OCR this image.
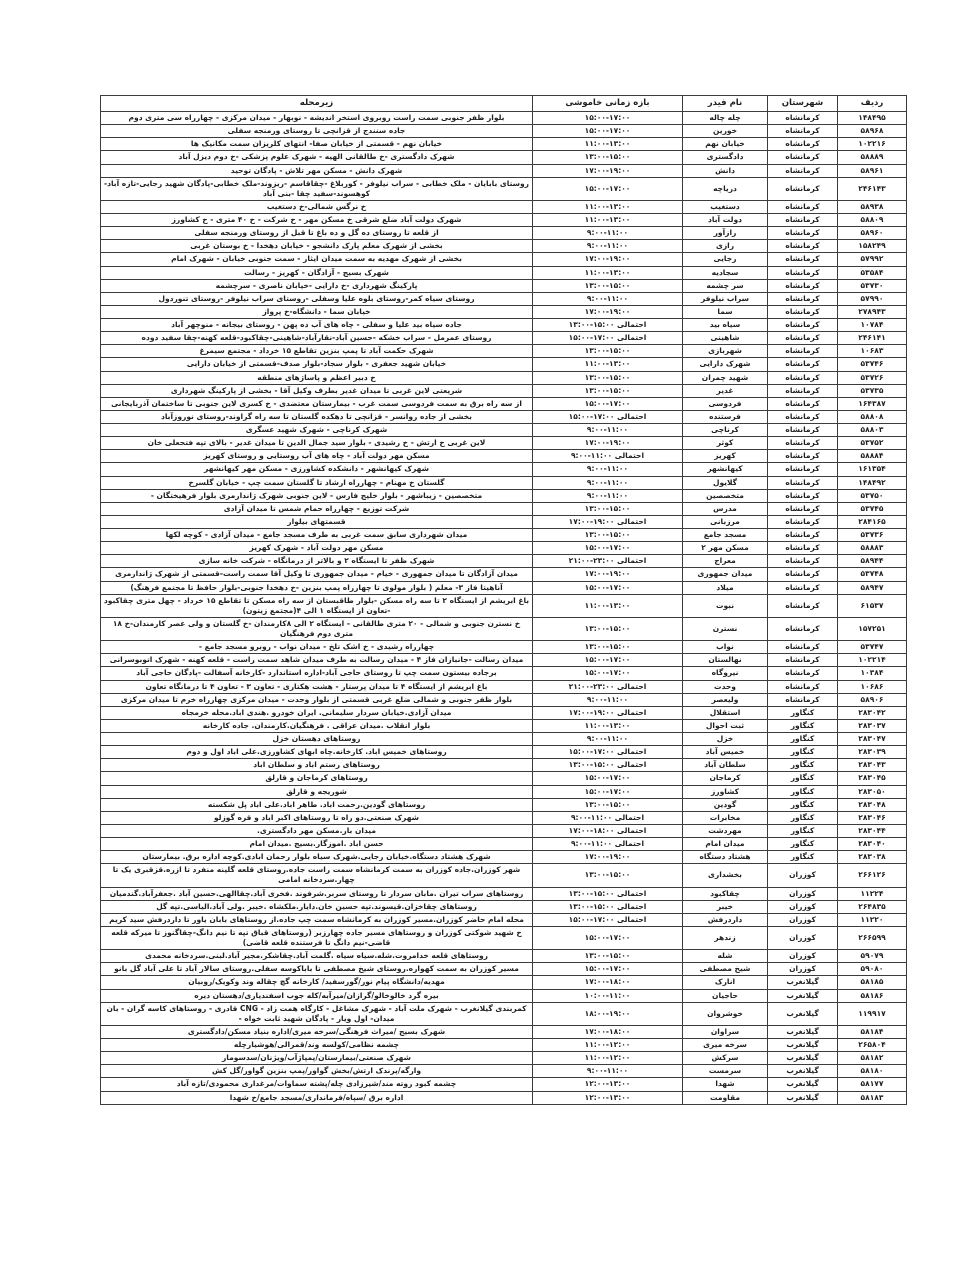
ردیف	شهرستان	نام فیدر	بازه زمانی خاموشی	زیرمحله
۱۴۸۴۹۵	کرمانشاه	چله چاله	۱۵:۰۰-۱۷:۰۰	بلوار ظفر جنوبی سمت راست روبروی استخر اندیشه - نوبهار - میدان مرکزی - چهارراه سی متری دوم
۵۸۹۶۸	کرمانشاه	خورین	۱۵:۰۰-۱۷:۰۰	جاده سنندج از قزانچی تا روستای ورمنجه سفلی
۱۰۲۲۱۶	کرمانشاه	خیابان نهم	۱۱:۰۰-۱۳:۰۰	خیابان نهم - قسمتی از خیابان صفا- انتهای کلریزان سمت مکانیک ها
۵۸۸۸۹	کرمانشاه	دادگستری	۱۳:۰۰-۱۵:۰۰	شهرک دادگستری -خ طالقانی الهیه - شهرک علوم پزشکی -خ دوم دیزل آباد
۵۸۹۶۱	کرمانشاه	دانش	۱۷:۰۰-۱۹:۰۰	شهرک دانش - مسکن مهر تلاش - پادگان توحید
۲۴۶۱۴۳	کرمانشاه	دریاچه	۱۵:۰۰-۱۷:۰۰	روستای بابایان - ملک خطابی - سراب نیلوفر - کوربلاغ -چقاقاسم -ریزوند-ملک خطابی-پادگان شهید رجایی-تازه آباد-کوهسوند-سفید چقا -بنی آباد
۵۸۹۳۸	کرمانشاه	دستغیب	۱۱:۰۰-۱۳:۰۰	خ نرگس شمالی-خ دستغیب
۵۸۸۰۹	کرمانشاه	دولت آباد	۱۱:۰۰-۱۳:۰۰	شهرک دولت آباد ضلع شرقی خ مسکن مهر - خ شرکت - خ ۴۰ متری - خ کشاورز
۵۸۹۶۰	کرمانشاه	رازآور	۹:۰۰-۱۱:۰۰	از قلعه تا روستای ده گل و ده باغ تا قبل از روستای ورمنجه سفلی
۱۵۸۲۴۹	کرمانشاه	رازی	۹:۰۰-۱۱:۰۰	بخشی از شهرک معلم پارک دانشجو - خیابان دهخدا - خ بوستان غربی
۵۷۹۹۲	کرمانشاه	رجایی	۱۷:۰۰-۱۹:۰۰	بخشی از شهرک مهدیه به سمت میدان ایثار - سمت جنوبی خیابان - شهرک امام
۵۳۵۸۴	کرمانشاه	سجادیه	۱۱:۰۰-۱۳:۰۰	شهرک بسیج - آزادگان - کهریز - رسالت
۵۳۷۳۰	کرمانشاه	سر چشمه	۱۳:۰۰-۱۵:۰۰	پارکینگ شهرداری -خ دارایی -خیابان ناصری - سرچشمه
۵۷۹۹۰	کرمانشاه	سراب نیلوفر	۹:۰۰-۱۱:۰۰	روستای سیاه کمر-روستای بلوه علیا وسفلی -روستای سراب نیلوفر -روستای تنوردول
۲۷۸۹۴۳	کرمانشاه	سما	۱۷:۰۰-۱۹:۰۰	خیابان سما - دانشگاه-خ پرواز
۱۰۷۸۴	کرمانشاه	سیاه بید	۱۳:۰۰-۱۵:۰۰ احتمالی	جاده سیاه بید علیا و سفلی - چاه های آب ده پهن - روستای بیجانه - منوچهر آباد
۲۴۶۱۴۱	کرمانشاه	شاهینی	۱۵:۰۰-۱۷:۰۰ احتمالی	روستای عمرمل - سراب خشکه -حسین آباد-نقارآباد-شاهینی-چقاکبود-قلعه کهنه-چقا سفید دوده
۱۰۶۸۳	کرمانشاه	شهربازی	۱۳:۰۰-۱۵:۰۰	شهرک حکمت آباد تا پمپ بنزین تقاطع ۱۵ خرداد - مجتمع سیمرغ
۵۳۷۴۶	کرمانشاه	شهرک دارایی	۱۱:۰۰-۱۳:۰۰	خیابان شهید جعفری - بلوار سجاد-بلوار صدف-قسمتی از خیابان دارایی
۵۳۷۲۶	کرمانشاه	شهید چمران	۱۳:۰۰-۱۵:۰۰	خ دبیر اعظم و پاساژهای منطقه
۵۳۷۳۵	کرمانشاه	غدیر	۱۳:۰۰-۱۵:۰۰	شریعتی لاین غربی تا میدان غدیر بطرف وکیل آقا - بخشی از پارکینگ شهرداری
۱۶۴۳۸۷	کرمانشاه	فردوسی	۱۵:۰۰-۱۷:۰۰	از سه راه برق به سمت فردوسی سمت غرب - بیمارستان معتضدی - خ کسری لاین جنوبی تا ساختمان آذربایجانی
۵۸۸۰۸	کرمانشاه	فرستنده	۱۵:۰۰-۱۷:۰۰ احتمالی	بخشی از جاده روانسر - قزانچی تا دهکده گلستان تا سه راه گراوند-روستای نوروزآباد
۵۸۸۰۳	کرمانشاه	کرناچی	۹:۰۰-۱۱:۰۰	شهرک کرناچی - شهرک شهید عسگری
۵۳۷۵۲	کرمانشاه	کوثر	۱۷:۰۰-۱۹:۰۰	لاین غربی خ ارتش - خ رشیدی - بلوار سید جمال الدین تا میدان غدیر - بالای تپه فتحعلی خان
۵۸۸۸۴	کرمانشاه	کهریز	۹:۰۰-۱۱:۰۰ احتمالی	مسکن مهر دولت آباد - چاه های آب روستایی و روستای کهریز
۱۶۱۳۵۴	کرمانشاه	کیهانشهر	۹:۰۰-۱۱:۰۰	شهرک کیهانشهر - دانشکده کشاورزی - مسکن مهر کیهانشهر
۱۴۸۴۹۲	کرمانشاه	گلایول	۹:۰۰-۱۱:۰۰	گلستان خ مهنام - چهارراه ارشاد تا گلستان سمت چپ - خیابان گلسرخ
۵۳۷۵۰	کرمانشاه	متخصصین	۹:۰۰-۱۱:۰۰	متخصصین - زیباشهر - بلوار خلیج فارس - لاین جنوبی شهرک ژاندارمری بلوار فرهیختگان -
۵۳۷۴۵	کرمانشاه	مدرس	۱۳:۰۰-۱۵:۰۰	شرکت توزیع - چهارراه حمام شمس تا میدان آزادی
۲۸۴۱۶۵	کرمانشاه	مرزبانی	۱۷:۰۰-۱۹:۰۰ احتمالی	قسمتهای بیلوار
۵۳۷۳۶	کرمانشاه	مسجد جامع	۱۳:۰۰-۱۵:۰۰	میدان شهرداری سابق سمت غربی به طرف مسجد جامع - میدان آزادی - کوچه لکها
۵۸۸۸۳	کرمانشاه	مسکن مهر ۲	۱۵:۰۰-۱۷:۰۰	مسکن مهر دولت آباد - شهرک کهریز
۵۸۹۴۴	کرمانشاه	معراج	۲۱:۰۰-۲۳:۰۰ احتمالی	شهرک ظفر تا ایستگاه ۲ و بالاتر از درمانگاه - شرکت خانه سازی
۵۳۷۴۸	کرمانشاه	میدان جمهوری	۱۷:۰۰-۱۹:۰۰	میدان آزادگان تا میدان جمهوری - خیام - میدان جمهوری تا وکیل آقا سمت راست-قسمتی از شهرک ژاندارمری
۵۸۹۴۷	کرمانشاه	میلاد	۱۵:۰۰-۱۷:۰۰	آناهیتا فاز ۳- معلم ( بلوار مولوی تا چهارراه پمپ بنزین -خ دهخدا جنوبی-بلوار حافظ تا مجتمع فرهنگ)
۶۱۵۳۷	کرمانشاه	نبوت	۱۱:۰۰-۱۳:۰۰	باغ ابریشم از ایستگاه ۲ تا سه راه مسکن -بلوار طاقبستان از سه راه مسکن تا تقاطع ۱۵ خرداد - چهل متری چقاکبود -تعاون از ایستگاه ۱ الی ۴(مجتمع زیتون)
۱۵۷۲۵۱	کرمانشاه	نسترن	۱۳:۰۰-۱۵:۰۰	خ نسترن جنوبی و شمالی - ۲۰ متری طالقانی - ایستگاه ۲ الی ۸کارمندان -خ گلستان و ولی عصر کارمندان-خ ۱۸ متری دوم فرهنگیان
۵۳۷۴۷	کرمانشاه	نواب	۱۳:۰۰-۱۵:۰۰	چهارراه رشیدی - خ اشک تلخ - میدان نواب - روبرو مسجد جامع -
۱۰۲۲۱۴	کرمانشاه	نهالستان	۱۵:۰۰-۱۷:۰۰	میدان رسالت -جانبازان فاز ۴ - میدان رسالت به طرف میدان شاهد سمت راست - قلعه کهنه - شهرک اتوبوسرانی
۱۰۳۸۴	کرمانشاه	نیروگاه	۱۵:۰۰-۱۷:۰۰	برجاده بیستون سمت چپ تا روستای حاجی آباد-اداره استاندارد -کارخانه آسفالت -پادگان حاجی آباد
۱۰۶۸۶	کرمانشاه	وحدت	۲۱:۰۰-۲۳:۰۰ احتمالی	باغ ابریشم از ایستگاه ۴ تا میدان پرستار - هشت هکتاری - تعاون ۳ - تعاون ۴ تا درمانگاه تعاون
۵۸۹۰۶	کرمانشاه	ولیعصر	۹:۰۰-۱۱:۰۰	بلوار ظفر جنوبی و شمالی ضلع غربی قسمتی از بلوار وحدت - میدان مرکزی چهارراه خرم تا میدان مرکزی
۲۸۳۰۴۲	کنگاور	استقلال	۱۷:۰۰-۱۹:۰۰ احتمالی	میدان آزادی.خیابان سردار سلیمانی. ایران خودرو .هندی اباد.محله خرمجاه
۲۸۳۰۳۷	کنگاور	ثبت احوال	۱۱:۰۰-۱۳:۰۰	بلوار انقلاب .میدان عراقی . فرهنگیان.کارمندان. جاده کارخانه
۲۸۳۰۴۷	کنگاور	خزل	۹:۰۰-۱۱:۰۰	روستاهای دهستان خزل
۲۸۳۰۳۹	کنگاور	خمیس آباد	۱۵:۰۰-۱۷:۰۰ احتمالی	روستاهای خمیس اباد. کارخانه.چاه ابهای کشاورزی.علی اباد اول و دوم
۲۸۳۰۴۳	کنگاور	سلطان آباد	۱۳:۰۰-۱۵:۰۰ احتمالی	روستاهای رستم اباد و سلطان اباد
۲۸۳۰۴۵	کنگاور	کرماجان	۱۵:۰۰-۱۷:۰۰	روستاهای کرماجان و قارلق
۲۸۳۰۵۰	کنگاور	کشاورز	۱۵:۰۰-۱۷:۰۰	شوریجه و قارلق
۲۸۳۰۴۸	کنگاور	گودین	۱۳:۰۰-۱۵:۰۰	روستاهای گودین.رحمت اباد. طاهر اباد.علی اباد پل شکسته
۲۸۳۰۴۶	کنگاور	مخابرات	۹:۰۰-۱۱:۰۰ احتمالی	شهرک صنعتی.دو راه تا روستاهای اکبر اباد و قره گوزلو
۲۸۳۰۴۴	کنگاور	مهردشت	۱۷:۰۰-۱۸:۰۰ احتمالی	میدان بار.مسکن مهر دادگستری.
۲۸۳۰۴۰	کنگاور	میدان امام	۹:۰۰-۱۱:۰۰ احتمالی	حسن اباد .اموزگار.بسیج .میدان امام
۲۸۳۰۳۸	کنگاور	هشتاد دستگاه	۱۷:۰۰-۱۹:۰۰	شهرک هشتاد دستگاه.خیابان رجایی.شهرک سیاه بلوار رحمان ابادی.کوچه اداره برق. بیمارستان
۲۶۶۱۲۶	کوزران	بخشداری	۱۳:۰۰-۱۵:۰۰	شهر کوزران.جاده کوزران به سمت کرمانشاه سمت راست جاده.روستای قلعه گلینه منفرد تا ازره.قزقبری یک تا چهار.سردخانه امامی
۱۱۲۲۴	کوزران	چقاکبود	۱۳:۰۰-۱۵:۰۰ احتمالی	روستاهای سراب تیران .مابان سردار تا روستای سربر.شرفوند .فخری آباد.چقاالهی.حسین آباد .جعفرآباد.گندمیان
۲۶۴۸۳۵	کوزران	خیبر	۱۳:۰۰-۱۵:۰۰ احتمالی	روستاهای چقاخزان.قیسوند.تپه حسین خان.دایار.ملکشاه .خیبر .ولی آباد.الیاسی.تپه گل
۱۱۲۲۰	کوزران	داردرفش	۱۵:۰۰-۱۷:۰۰ احتمالی	محله امام حاضر کوزران.مسیر کوزران به کرمانشاه سمت چپ جاده.از روستاهای بابان یاور تا داردرفش سید کریم
۲۶۶۵۹۹	کوزران	زندهر	۱۵:۰۰-۱۷:۰۰	خ شهید شوکتی کوزران و روستاهای مسیر جاده چهارزبر (روستاهای قباق تپه تا نیم دانگ-چقاگنوز تا میرکه قلعه قاضی-نیم دانگ تا فرستنده قلعه قاضی)
۵۹۰۷۹	کوزران	شله	۱۳:۰۰-۱۵:۰۰	روستاهای قلعه خدامروت.شله.سیاه سیاه .گلمت آباد.چقاشکر.مجیر آباد.لبنی.سردخانه محمدی
۵۹۰۸۰	کوزران	شیخ مصطفی	۱۵:۰۰-۱۷:۰۰	مسیر کوزران به سمت کهواره.روستای شیخ مصطفی تا باباکوسه سفلی.روستای سالار آباد تا علی آباد گل بانو
۵۸۱۸۵	گیلانغرب	انارک	۱۷:۰۰-۱۸:۰۰	مهدیه/دانشگاه پیام نور/گورسفید/ کارخانه گچ چقاله وند وکویک/روبیان
۵۸۱۸۶	گیلانغرب	حاجیان	۱۰:۰۰-۱۱:۰۰	بیره گرد خالوخالو/گرازان/میرآبه/کله جوب اسفندیاری/دهستان دیره
۱۱۹۹۱۷	گیلانغرب	خوشروان	۱۸:۰۰-۱۹:۰۰	کمربندی گیلانغرب - شهرک ملت آباد - شهرک مشاغل - کارگاه همت زاد - CNG قادری - روستاهای کاسه گران - بان میدان- اول ویار - پادگان شهید ثابت خواه -
۵۸۱۸۴	گیلانغرب	سراوان	۱۷:۰۰-۱۸:۰۰	شهرک بسیج /میراث فرهنگی/سرخه میری/اداره بنیاد مسکن/دادگستری
۲۶۵۸۰۴	گیلانغرب	سرخه میری	۱۱:۰۰-۱۲:۰۰	چشمه نظامی/کولسه وند/قمرالی/هوشیارچله
۵۸۱۸۲	گیلانغرب	سرکش	۱۱:۰۰-۱۲:۰۰	شهرک صنعتی/بیمارستان/پمپاژآب/ویژنان/سدسومار
۵۸۱۸۰	گیلانغرب	سرمست	۹:۰۰-۱۱:۰۰	وارگه/پرندک ارتش/بخش گواور/پمپ بنزین گواور/گل کش
۵۸۱۷۷	گیلانغرب	شهدا	۱۲:۰۰-۱۳:۰۰	چشمه کبود روته مند/شیرزادی چله/پشته سماوات/مرغداری محمودی/تازه آباد
۵۸۱۸۳	گیلانغرب	مقاومت	۱۲:۰۰-۱۳:۰۰	اداره برق /سپاه/فرمانداری/مسجد جامع/خ شهدا
